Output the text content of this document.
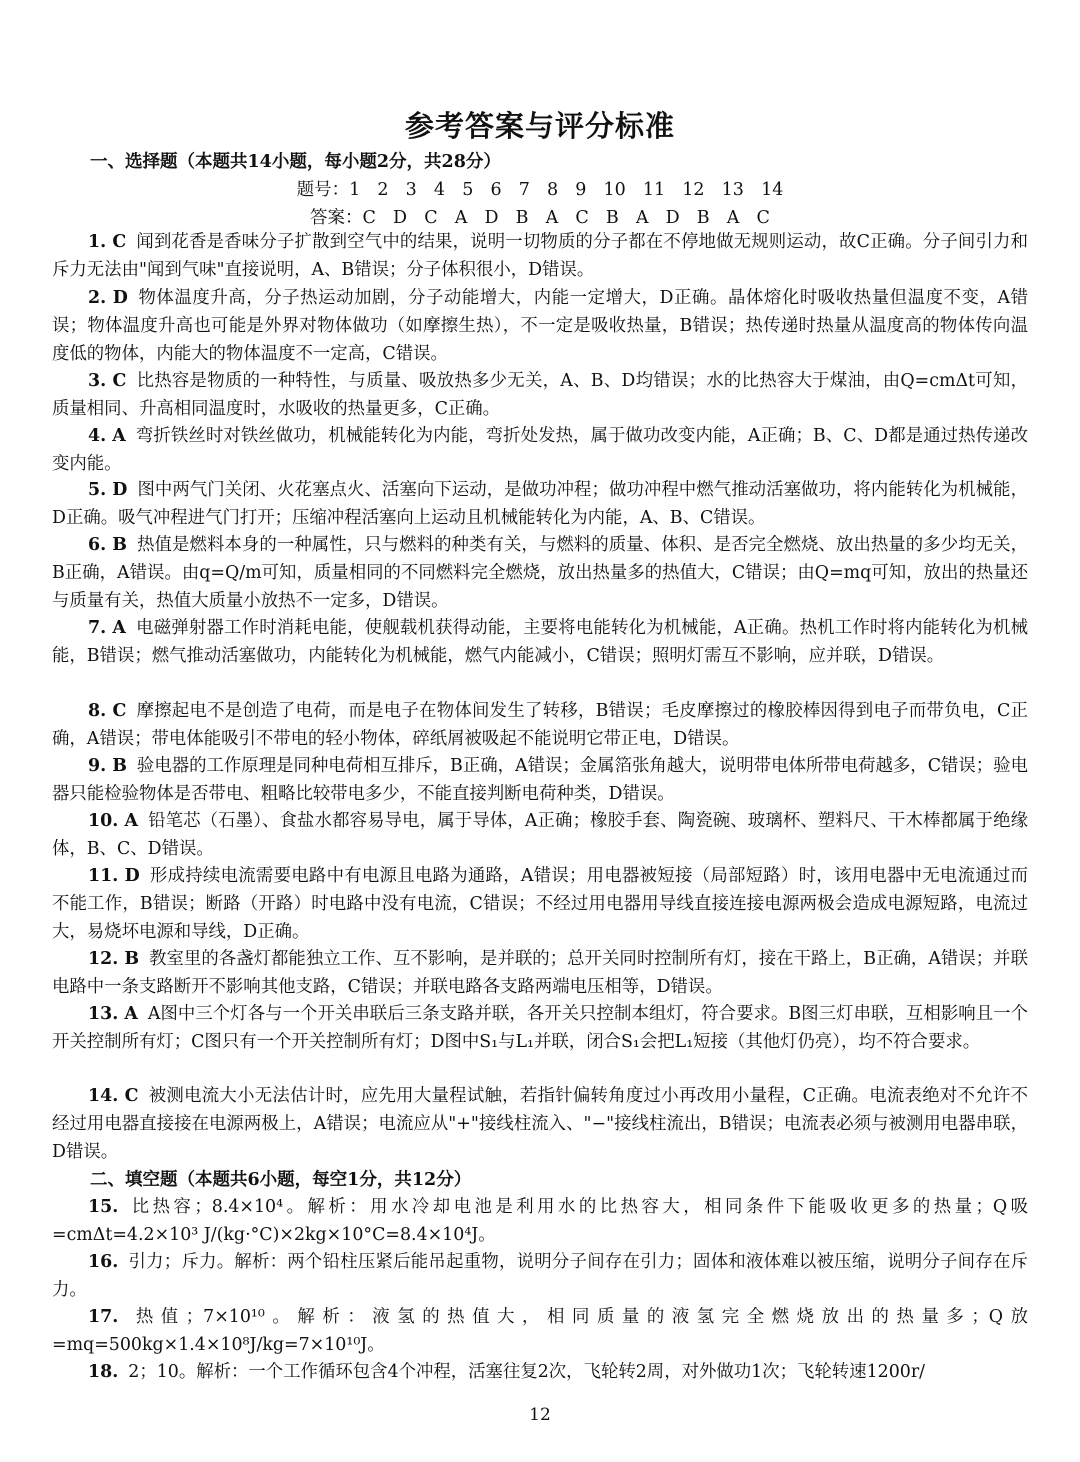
参考答案与评分标准
一、选择题（本题共14小题，每小题2分，共28分）
题号：1  2  3  4  5  6  7  8  9  10  11  12  13  14
答案：C  D  C  A  D  B  A  C  B  A  D  B  A  C
1. C 闻到花香是香味分子扩散到空气中的结果，说明一切物质的分子都在不停地做无规则运动，故C正确。分子间引力和斥力无法由"闻到气味"直接说明，A、B错误；分子体积很小，D错误。
2. D 物体温度升高，分子热运动加剧，分子动能增大，内能一定增大，D正确。晶体熔化时吸收热量但温度不变，A错误；物体温度升高也可能是外界对物体做功（如摩擦生热），不一定是吸收热量，B错误；热传递时热量从温度高的物体传向温度低的物体，内能大的物体温度不一定高，C错误。
3. C 比热容是物质的一种特性，与质量、吸放热多少无关，A、B、D均错误；水的比热容大于煤油，由Q=cmΔt可知，质量相同、升高相同温度时，水吸收的热量更多，C正确。
4. A 弯折铁丝时对铁丝做功，机械能转化为内能，弯折处发热，属于做功改变内能，A正确；B、C、D都是通过热传递改变内能。
5. D 图中两气门关闭、火花塞点火、活塞向下运动，是做功冲程；做功冲程中燃气推动活塞做功，将内能转化为机械能，D正确。吸气冲程进气门打开；压缩冲程活塞向上运动且机械能转化为内能，A、B、C错误。
6. B 热值是燃料本身的一种属性，只与燃料的种类有关，与燃料的质量、体积、是否完全燃烧、放出热量的多少均无关，B正确，A错误。由q=Q/m可知，质量相同的不同燃料完全燃烧，放出热量多的热值大，C错误；由Q=mq可知，放出的热量还与质量有关，热值大质量小放热不一定多，D错误。
7. A 电磁弹射器工作时消耗电能，使舰载机获得动能，主要将电能转化为机械能，A正确。热机工作时将内能转化为机械能，B错误；燃气推动活塞做功，内能转化为机械能，燃气内能减小，C错误；照明灯需互不影响，应并联，D错误。
8. C 摩擦起电不是创造了电荷，而是电子在物体间发生了转移，B错误；毛皮摩擦过的橡胶棒因得到电子而带负电，C正确，A错误；带电体能吸引不带电的轻小物体，碎纸屑被吸起不能说明它带正电，D错误。
9. B 验电器的工作原理是同种电荷相互排斥，B正确，A错误；金属箔张角越大，说明带电体所带电荷越多，C错误；验电器只能检验物体是否带电、粗略比较带电多少，不能直接判断电荷种类，D错误。
10. A 铅笔芯（石墨）、食盐水都容易导电，属于导体，A正确；橡胶手套、陶瓷碗、玻璃杯、塑料尺、干木棒都属于绝缘体，B、C、D错误。
11. D 形成持续电流需要电路中有电源且电路为通路，A错误；用电器被短接（局部短路）时，该用电器中无电流通过而不能工作，B错误；断路（开路）时电路中没有电流，C错误；不经过用电器用导线直接连接电源两极会造成电源短路，电流过大，易烧坏电源和导线，D正确。
12. B 教室里的各盏灯都能独立工作、互不影响，是并联的；总开关同时控制所有灯，接在干路上，B正确，A错误；并联电路中一条支路断开不影响其他支路，C错误；并联电路各支路两端电压相等，D错误。
13. A A图中三个灯各与一个开关串联后三条支路并联，各开关只控制本组灯，符合要求。B图三灯串联，互相影响且一个开关控制所有灯；C图只有一个开关控制所有灯；D图中S₁与L₁并联，闭合S₁会把L₁短接（其他灯仍亮），均不符合要求。
14. C 被测电流大小无法估计时，应先用大量程试触，若指针偏转角度过小再改用小量程，C正确。电流表绝对不允许不经过用电器直接接在电源两极上，A错误；电流应从"+"接线柱流入、"−"接线柱流出，B错误；电流表必须与被测用电器串联，D错误。
二、填空题（本题共6小题，每空1分，共12分）
15. 比热容；8.4×10⁴。解析：用水冷却电池是利用水的比热容大，相同条件下能吸收更多的热量；Q吸=cmΔt=4.2×10³ J/(kg·°C)×2kg×10°C=8.4×10⁴J。
16. 引力；斥力。解析：两个铅柱压紧后能吊起重物，说明分子间存在引力；固体和液体难以被压缩，说明分子间存在斥力。
17. 热值；7×10¹⁰。解析：液氢的热值大，相同质量的液氢完全燃烧放出的热量多；Q放=mq=500kg×1.4×10⁸J/kg=7×10¹⁰J。
18. 2；10。解析：一个工作循环包含4个冲程，活塞往复2次，飞轮转2周，对外做功1次；飞轮转速1200r/
12
